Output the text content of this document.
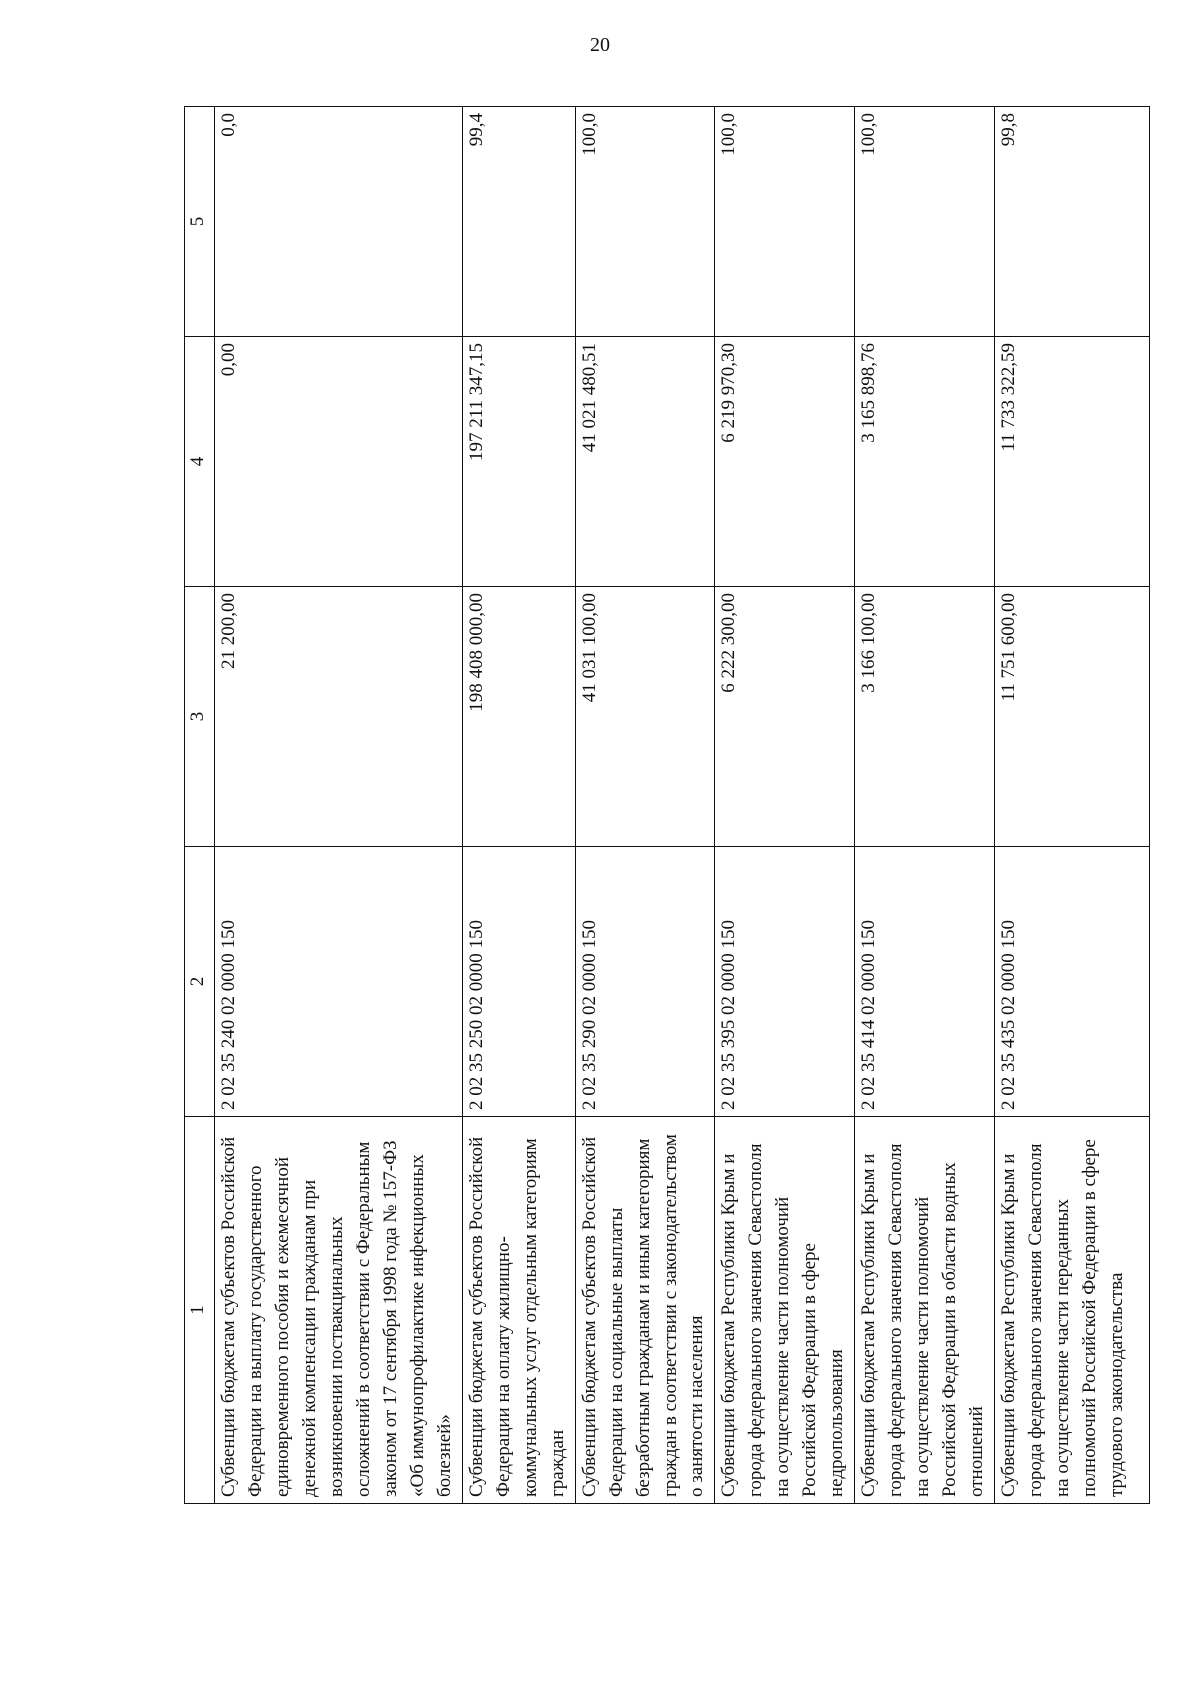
20
1	2	3	4	5
Субвенции бюджетам субъектов Российской Федерации на выплату государственного единовременного пособия и ежемесячной денежной компенсации гражданам при возникновении поствакцинальных осложнений в соответствии с Федеральным законом от 17 сентября 1998 года № 157-ФЗ «Об иммунопрофилактике инфекционных болезней»	2 02 35 240 02 0000 150	21 200,00	0,00	0,0
Субвенции бюджетам субъектов Российской Федерации на оплату жилищно-коммунальных услуг отдельным категориям граждан	2 02 35 250 02 0000 150	198 408 000,00	197 211 347,15	99,4
Субвенции бюджетам субъектов Российской Федерации на социальные выплаты безработным гражданам и иным категориям граждан в соответствии с законодательством о занятости населения	2 02 35 290 02 0000 150	41 031 100,00	41 021 480,51	100,0
Субвенции бюджетам Республики Крым и города федерального значения Севастополя на осуществление части полномочий Российской Федерации в сфере недропользования	2 02 35 395 02 0000 150	6 222 300,00	6 219 970,30	100,0
Субвенции бюджетам Республики Крым и города федерального значения Севастополя на осуществление части полномочий Российской Федерации в области водных отношений	2 02 35 414 02 0000 150	3 166 100,00	3 165 898,76	100,0
Субвенции бюджетам Республики Крым и города федерального значения Севастополя на осуществление части переданных полномочий Российской Федерации в сфере трудового законодательства	2 02 35 435 02 0000 150	11 751 600,00	11 733 322,59	99,8
